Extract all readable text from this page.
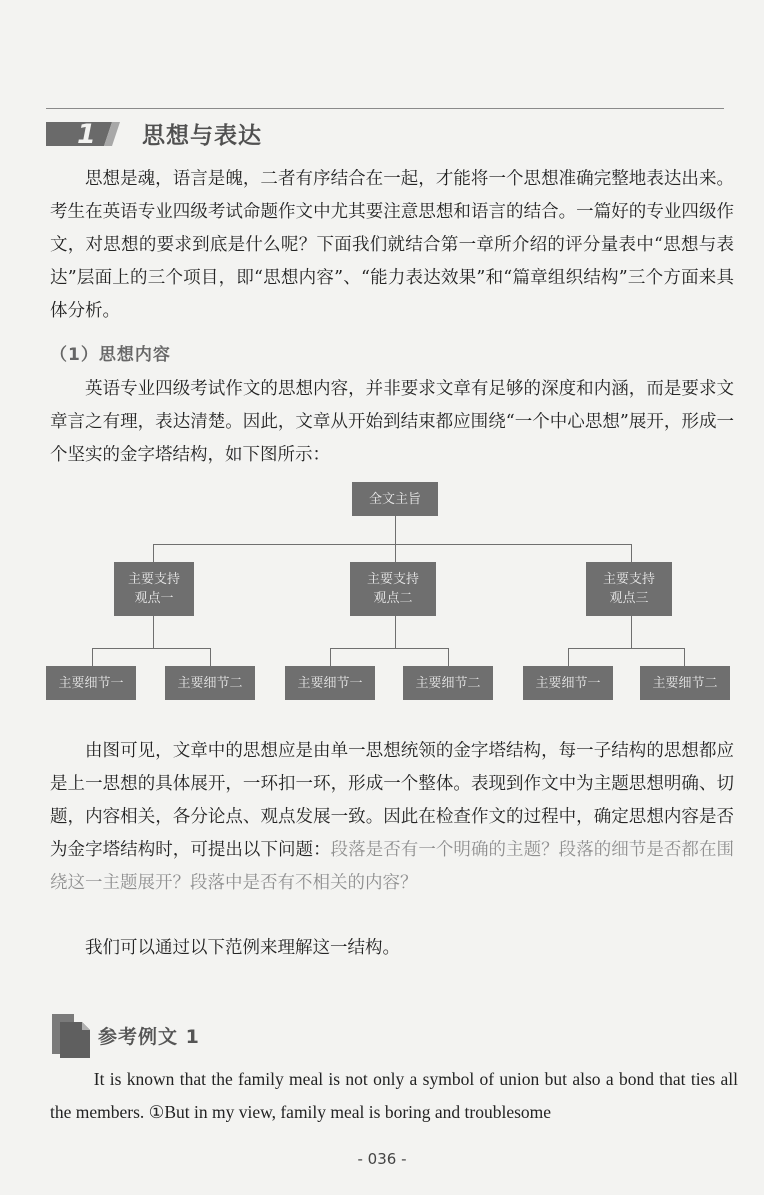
1 思想与表达

思想是魂，语言是魄，二者有序结合在一起，才能将一个思想准确完整地表达出来。考生在英语专业四级考试命题作文中尤其要注意思想和语言的结合。一篇好的专业四级作文，对思想的要求到底是什么呢？下面我们就结合第一章所介绍的评分量表中“思想与表达”层面上的三个项目，即“思想内容”、“能力表达效果”和“篇章组织结构”三个方面来具体分析。

（1）思想内容

英语专业四级考试作文的思想内容，并非要求文章有足够的深度和内涵，而是要求文章言之有理，表达清楚。因此，文章从开始到结束都应围绕“一个中心思想”展开，形成一个坚实的金字塔结构，如下图所示：

全文主旨
主要支持
观点一
主要支持
观点二
主要支持
观点三
主要细节一	主要细节二	主要细节一	主要细节二	主要细节一	主要细节二

由图可见，文章中的思想应是由单一思想统领的金字塔结构，每一子结构的思想都应是上一思想的具体展开，一环扣一环，形成一个整体。表现到作文中为主题思想明确、切题，内容相关，各分论点、观点发展一致。因此在检查作文的过程中，确定思想内容是否为金字塔结构时，可提出以下问题：段落是否有一个明确的主题？段落的细节是否都在围绕这一主题展开？段落中是否有不相关的内容？

我们可以通过以下范例来理解这一结构。

参考例文 1

It is known that the family meal is not only a symbol of union but also a bond that ties all the members. ①But in my view, family meal is boring and troublesome

- 036 -
